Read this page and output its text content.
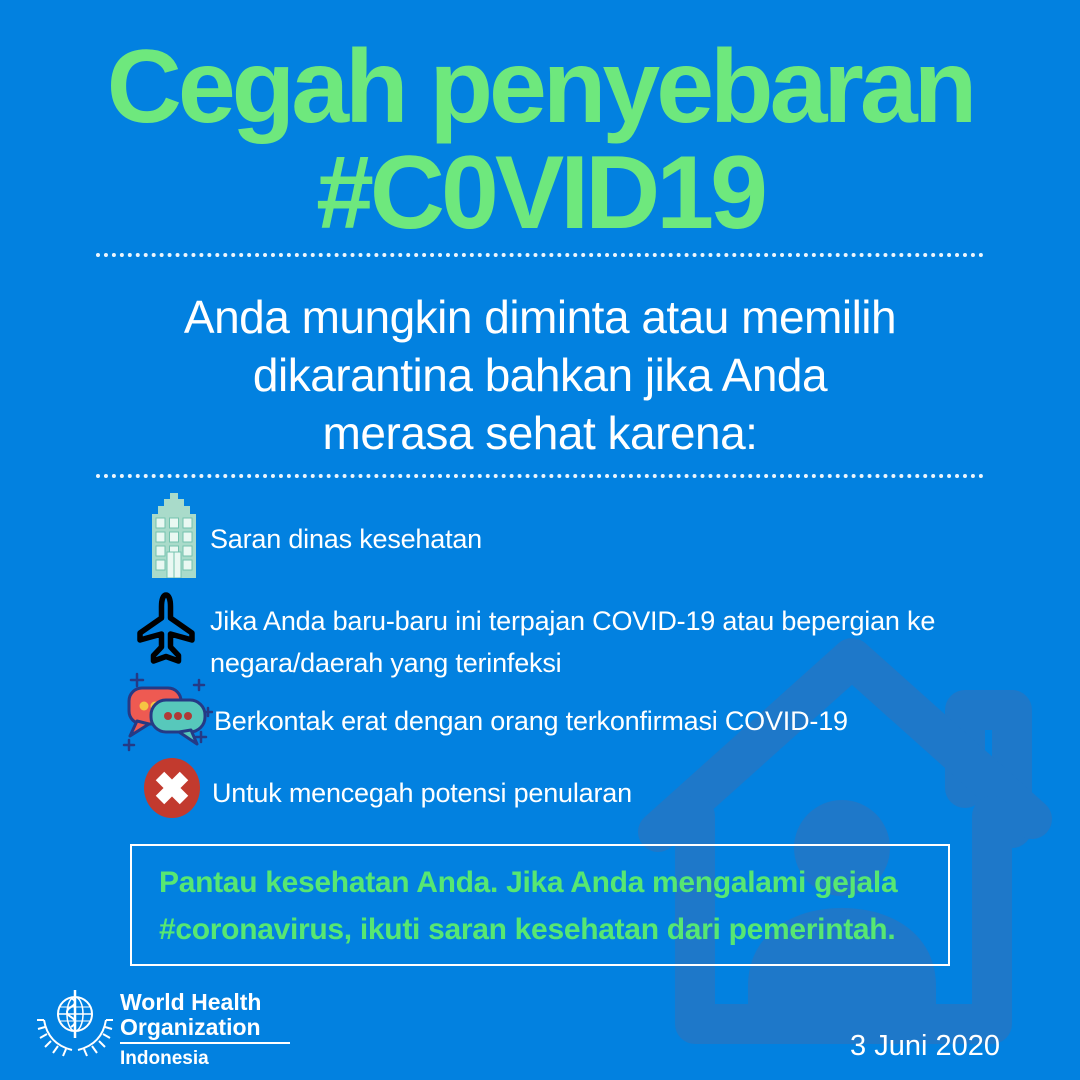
Cegah penyebaran
#C0VID19
Anda mungkin diminta atau memilih
dikarantina bahkan jika Anda
merasa sehat karena:
Saran dinas kesehatan
Jika Anda baru-baru ini terpajan COVID-19 atau bepergian ke negara/daerah yang terinfeksi
Berkontak erat dengan orang terkonfirmasi COVID-19
Untuk mencegah potensi penularan
Pantau kesehatan Anda. Jika Anda mengalami gejala
#coronavirus, ikuti saran kesehatan dari pemerintah.
World Health
Organization
Indonesia	3 Juni 2020
